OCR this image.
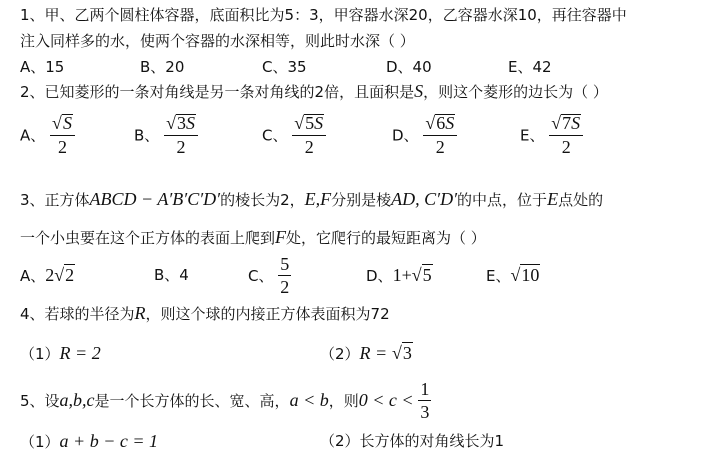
1、甲、乙两个圆柱体容器，底面积比为5：3，甲容器水深20，乙容器水深10，再往容器中
注入同样多的水，使两个容器的水深相等，则此时水深（ ）
A、15	B、20	C、35	D、40	E、42
2、已知菱形的一条对角线是另一条对角线的2倍，且面积是S，则这个菱形的边长为（ ）
A、 $\frac{√S}{2}$	B、 $\frac{√3S}{2}$	C、 $\frac{√5S}{2}$	D、 $\frac{√6S}{2}$	E、 $\frac{√7S}{2}$
3、正方体ABCD − A′B′C′D′的棱长为2，E,F分别是棱AD, C′D′的中点，位于E点处的
一个小虫要在这个正方体的表面上爬到F处，它爬行的最短距离为（ ）
A、2√2	B、4	C、 $\frac{5}{2}$	D、1+√5	E、√10
4、若球的半径为R，则这个球的内接正方体表面积为72
（1）R = 2	（2）R = √3
5、设a,b,c是一个长方体的长、宽、高，a < b，则$0 < c < \frac{1}{3}$
（1）a + b − c = 1	（2）长方体的对角线长为1
